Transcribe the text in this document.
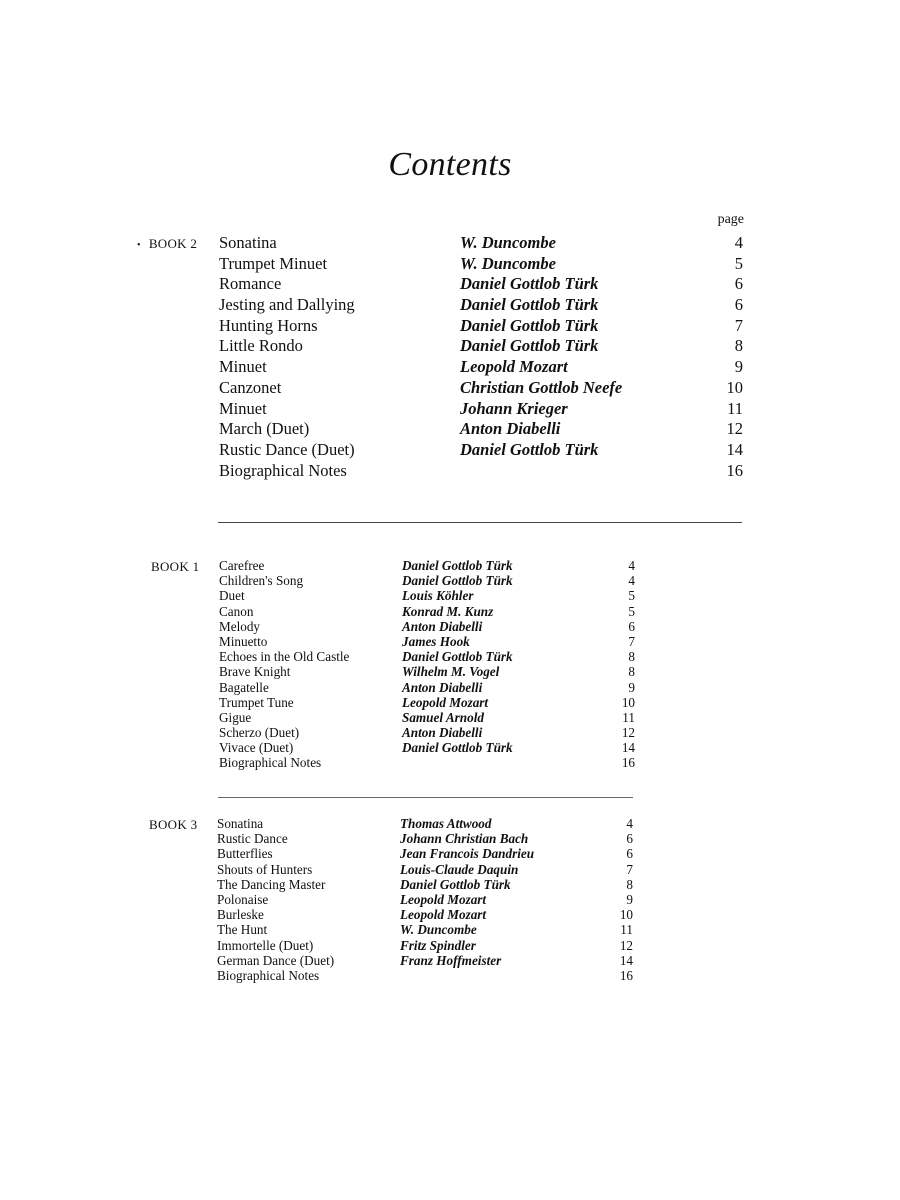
Contents
page
• BOOK 2 Sonatina	W. Duncombe	4
Trumpet Minuet	W. Duncombe	5
Romance	Daniel Gottlob Türk	6
Jesting and Dallying	Daniel Gottlob Türk	6
Hunting Horns	Daniel Gottlob Türk	7
Little Rondo	Daniel Gottlob Türk	8
Minuet	Leopold Mozart	9
Canzonet	Christian Gottlob Neefe	10
Minuet	Johann Krieger	11
March (Duet)	Anton Diabelli	12
Rustic Dance (Duet)	Daniel Gottlob Türk	14
Biographical Notes	16
BOOK 1 Carefree	Daniel Gottlob Türk	4
Children's Song	Daniel Gottlob Türk	4
Duet	Louis Köhler	5
Canon	Konrad M. Kunz	5
Melody	Anton Diabelli	6
Minuetto	James Hook	7
Echoes in the Old Castle	Daniel Gottlob Türk	8
Brave Knight	Wilhelm M. Vogel	8
Bagatelle	Anton Diabelli	9
Trumpet Tune	Leopold Mozart	10
Gigue	Samuel Arnold	11
Scherzo (Duet)	Anton Diabelli	12
Vivace (Duet)	Daniel Gottlob Türk	14
Biographical Notes	16
BOOK 3 Sonatina	Thomas Attwood	4
Rustic Dance	Johann Christian Bach	6
Butterflies	Jean Francois Dandrieu	6
Shouts of Hunters	Louis-Claude Daquin	7
The Dancing Master	Daniel Gottlob Türk	8
Polonaise	Leopold Mozart	9
Burleske	Leopold Mozart	10
The Hunt	W. Duncombe	11
Immortelle (Duet)	Fritz Spindler	12
German Dance (Duet)	Franz Hoffmeister	14
Biographical Notes	16
